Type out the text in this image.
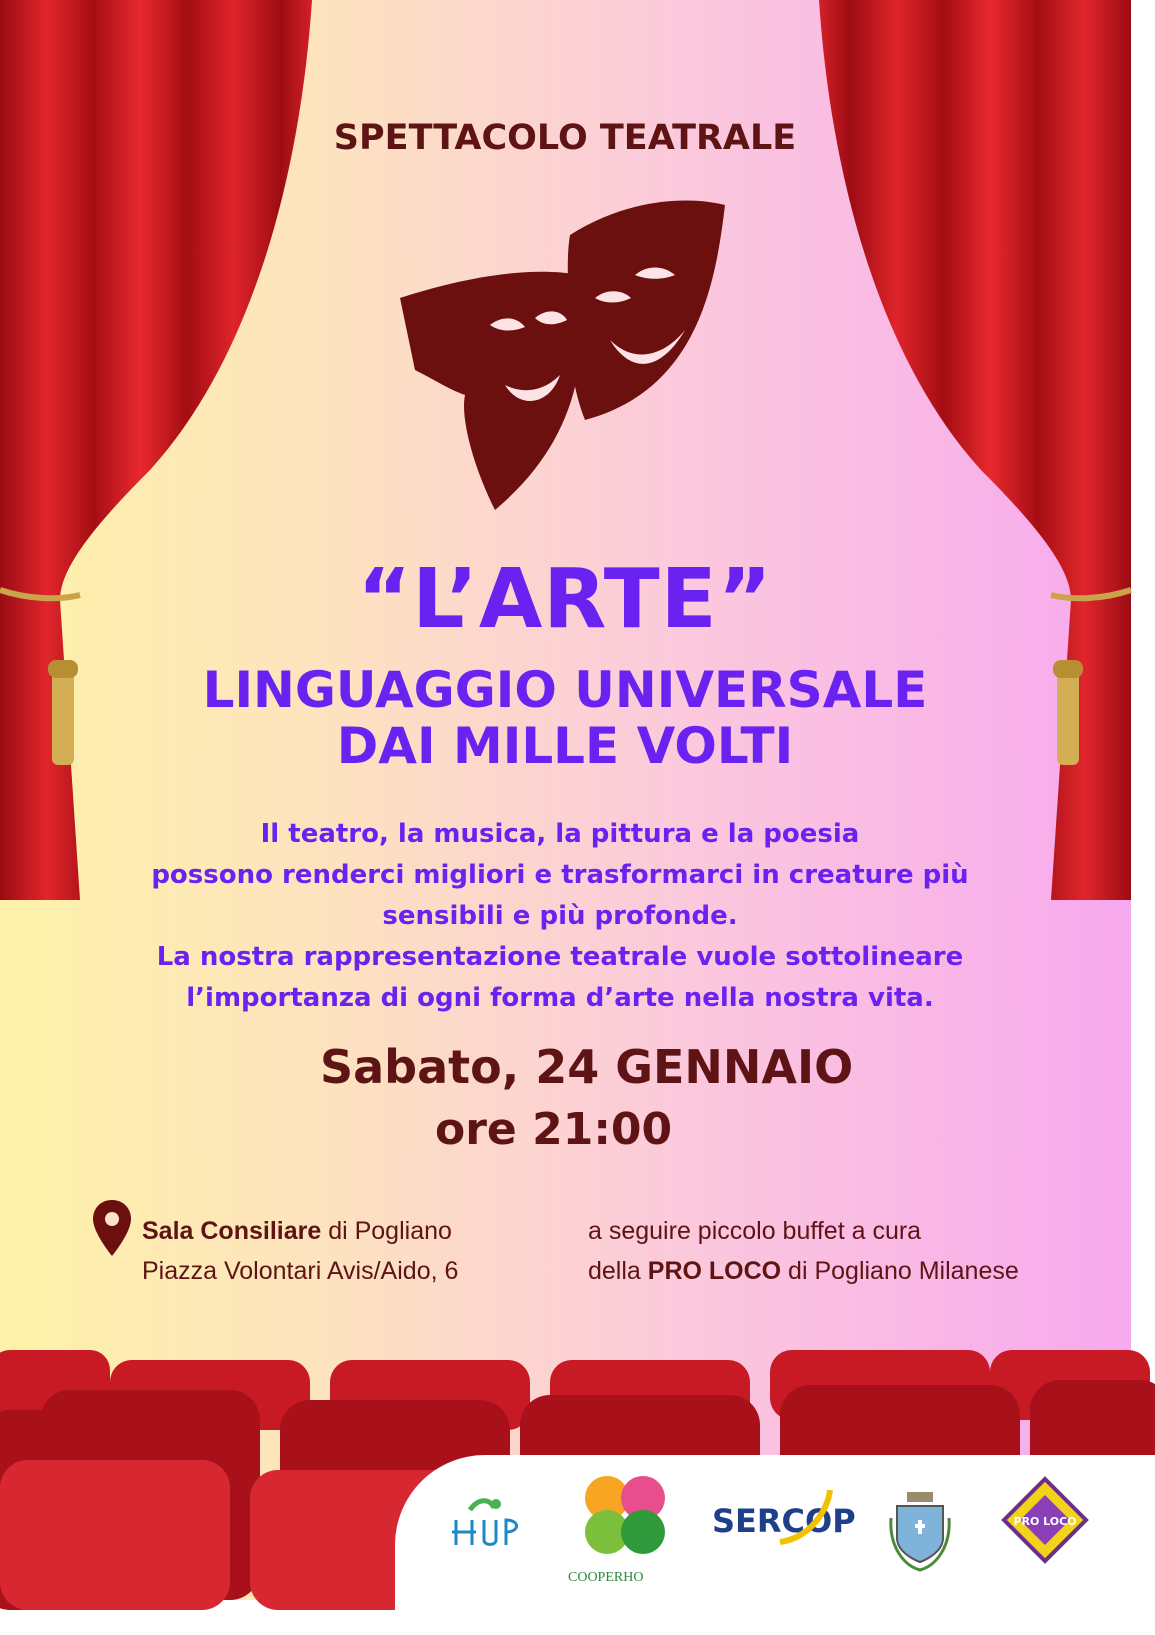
SPETTACOLO TEATRALE
“L’ARTE”
LINGUAGGIO UNIVERSALE
DAI MILLE VOLTI

Il teatro, la musica, la pittura e la poesia

possono renderci migliori e trasformarci in creature più

sensibili e più profonde.

La nostra rappresentazione teatrale vuole sottolineare

l’importanza di ogni forma d’arte nella nostra vita.

Sabato, 24 GENNAIO
ore 21:00
Sala Consiliare di Pogliano
Piazza Volontari Avis/Aido, 6
a seguire piccolo buffet a cura
della PRO LOCO di Pogliano Milanese
COOPERHO
SERCOP	PRO LOCO
